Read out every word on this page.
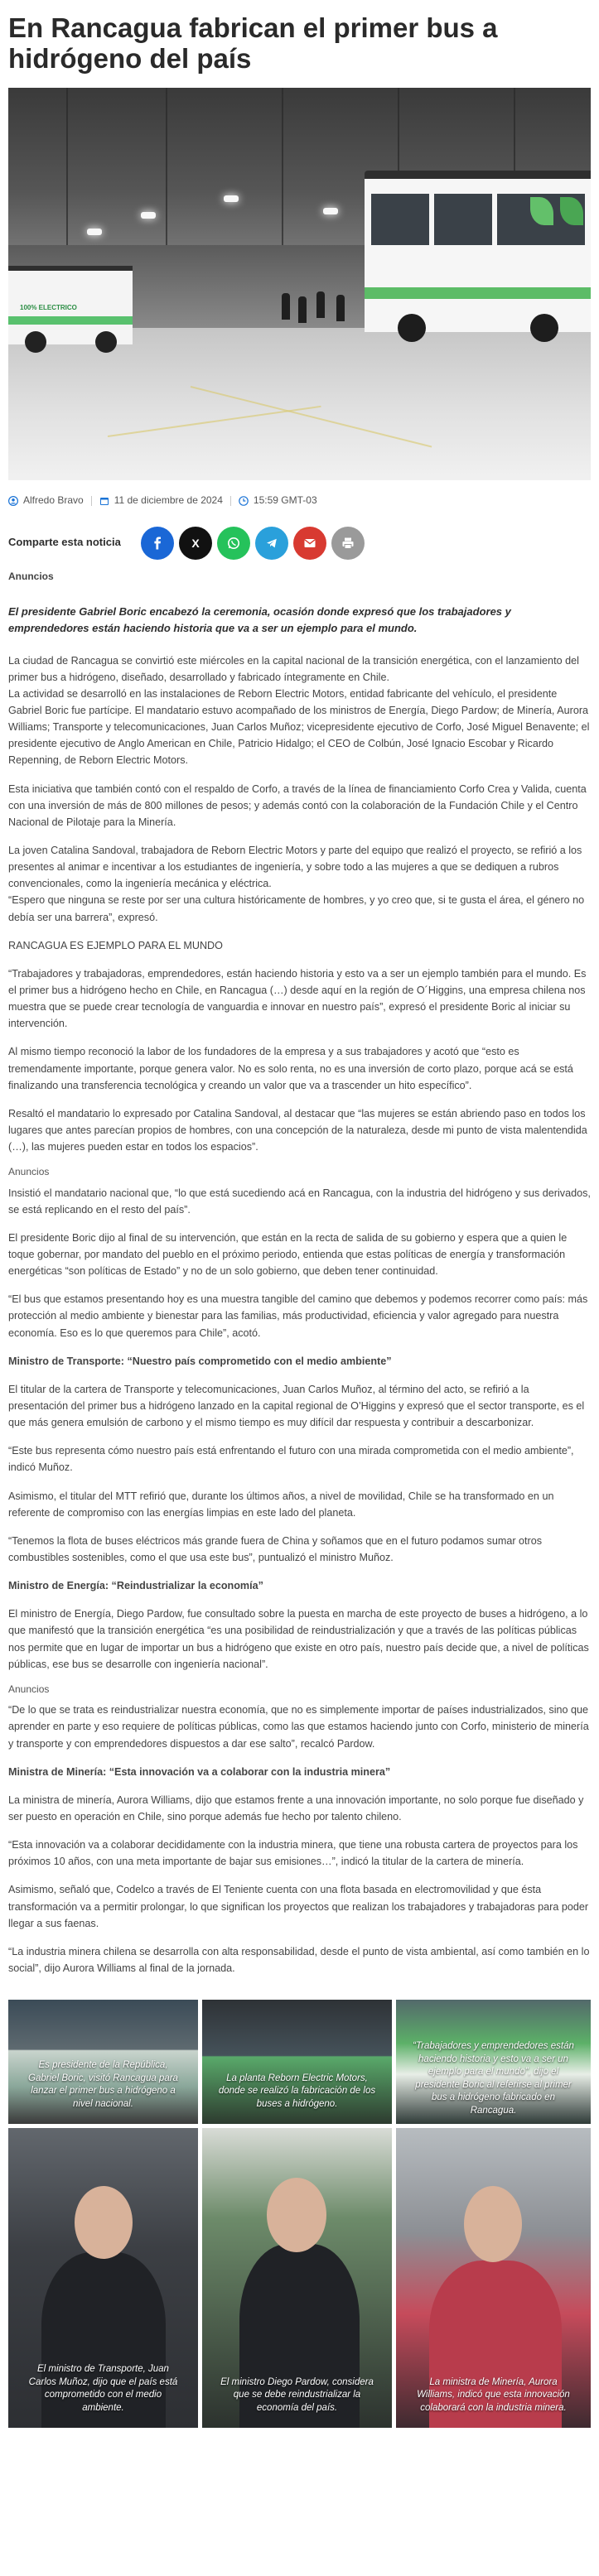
En Rancagua fabrican el primer bus a hidrógeno del país
100% ELECTRICO
Alfredo Bravo	11 de diciembre de 2024	15:59 GMT-03
Comparte esta noticia	X
Anuncios

El presidente Gabriel Boric encabezó la ceremonia, ocasión donde expresó que los trabajadores y emprendedores están haciendo historia que va a ser un ejemplo para el mundo.

La ciudad de Rancagua se convirtió este miércoles en la capital nacional de la transición energética, con el lanzamiento del primer bus a hidrógeno, diseñado, desarrollado y fabricado íntegramente en Chile.

La actividad se desarrolló en las instalaciones de Reborn Electric Motors, entidad fabricante del vehículo, el presidente Gabriel Boric fue partícipe. El mandatario estuvo acompañado de los ministros de Energía, Diego Pardow; de Minería, Aurora Williams; Transporte y telecomunicaciones, Juan Carlos Muñoz; vicepresidente ejecutivo de Corfo, José Miguel Benavente; el presidente ejecutivo de Anglo American en Chile, Patricio Hidalgo; el CEO de Colbún, José Ignacio Escobar y Ricardo Repenning, de Reborn Electric Motors.

Esta iniciativa que también contó con el respaldo de Corfo, a través de la línea de financiamiento Corfo Crea y Valida, cuenta con una inversión de más de 800 millones de pesos; y además contó con la colaboración de la Fundación Chile y el Centro Nacional de Pilotaje para la Minería.

La joven Catalina Sandoval, trabajadora de Reborn Electric Motors y parte del equipo que realizó el proyecto, se refirió a los presentes al animar e incentivar a los estudiantes de ingeniería, y sobre todo a las mujeres a que se dediquen a rubros convencionales, como la ingeniería mecánica y eléctrica.

“Espero que ninguna se reste por ser una cultura históricamente de hombres, y yo creo que, si te gusta el área, el género no debía ser una barrera”, expresó.

RANCAGUA ES EJEMPLO PARA EL MUNDO

“Trabajadores y trabajadoras, emprendedores, están haciendo historia y esto va a ser un ejemplo también para el mundo. Es el primer bus a hidrógeno hecho en Chile, en Rancagua (…) desde aquí en la región de O´Higgins, una empresa chilena nos muestra que se puede crear tecnología de vanguardia e innovar en nuestro país”, expresó el presidente Boric al iniciar su intervención.

Al mismo tiempo reconoció la labor de los fundadores de la empresa y a sus trabajadores y acotó que “esto es tremendamente importante, porque genera valor. No es solo renta, no es una inversión de corto plazo, porque acá se está finalizando una transferencia tecnológica y creando un valor que va a trascender un hito específico”.

Resaltó el mandatario lo expresado por Catalina Sandoval, al destacar que “las mujeres se están abriendo paso en todos los lugares que antes parecían propios de hombres, con una concepción de la naturaleza, desde mi punto de vista malentendida (…), las mujeres pueden estar en todos los espacios”.

Anuncios

Insistió el mandatario nacional que, “lo que está sucediendo acá en Rancagua, con la industria del hidrógeno y sus derivados, se está replicando en el resto del país”.

El presidente Boric dijo al final de su intervención, que están en la recta de salida de su gobierno y espera que a quien le toque gobernar, por mandato del pueblo en el próximo periodo, entienda que estas políticas de energía y transformación energéticas “son políticas de Estado” y no de un solo gobierno, que deben tener continuidad.

“El bus que estamos presentando hoy es una muestra tangible del camino que debemos y podemos recorrer como país: más protección al medio ambiente y bienestar para las familias, más productividad, eficiencia y valor agregado para nuestra economía. Eso es lo que queremos para Chile”, acotó.

Ministro de Transporte: “Nuestro país comprometido con el medio ambiente”

El titular de la cartera de Transporte y telecomunicaciones, Juan Carlos Muñoz, al término del acto, se refirió a la presentación del primer bus a hidrógeno lanzado en la capital regional de O’Higgins y expresó que el sector transporte, es el que más genera emulsión de carbono y el mismo tiempo es muy difícil dar respuesta y contribuir a descarbonizar.

“Este bus representa cómo nuestro país está enfrentando el futuro con una mirada comprometida con el medio ambiente”, indicó Muñoz.

Asimismo, el titular del MTT refirió que, durante los últimos años, a nivel de movilidad, Chile se ha transformado en un referente de compromiso con las energías limpias en este lado del planeta.

“Tenemos la flota de buses eléctricos más grande fuera de China y soñamos que en el futuro podamos sumar otros combustibles sostenibles, como el que usa este bus”, puntualizó el ministro Muñoz.

Ministro de Energía: “Reindustrializar la economía”

El ministro de Energía, Diego Pardow, fue consultado sobre la puesta en marcha de este proyecto de buses a hidrógeno, a lo que manifestó que la transición energética “es una posibilidad de reindustrialización y que a través de las políticas públicas nos permite que en lugar de importar un bus a hidrógeno que existe en otro país, nuestro país decide que, a nivel de políticas públicas, ese bus se desarrolle con ingeniería nacional”.

Anuncios

“De lo que se trata es reindustrializar nuestra economía, que no es simplemente importar de países industrializados, sino que aprender en parte y eso requiere de políticas públicas, como las que estamos haciendo junto con Corfo, ministerio de minería y transporte y con emprendedores dispuestos a dar ese salto”, recalcó Pardow.

Ministra de Minería: “Esta innovación va a colaborar con la industria minera”

La ministra de minería, Aurora Williams, dijo que estamos frente a una innovación importante, no solo porque fue diseñado y ser puesto en operación en Chile, sino porque además fue hecho por talento chileno.

“Esta innovación va a colaborar decididamente con la industria minera, que tiene una robusta cartera de proyectos para los próximos 10 años, con una meta importante de bajar sus emisiones…”, indicó la titular de la cartera de minería.

Asimismo, señaló que, Codelco a través de El Teniente cuenta con una flota basada en electromovilidad y que ésta transformación va a permitir prolongar, lo que significan los proyectos que realizan los trabajadores y trabajadoras para poder llegar a sus faenas.

“La industria minera chilena se desarrolla con alta responsabilidad, desde el punto de vista ambiental, así como también en lo social”, dijo Aurora Williams al final de la jornada.

Es presidente de la República, Gabriel Boric, visitó Rancagua para lanzar el primer bus a hidrógeno a nivel nacional.
La planta Reborn Electric Motors, donde se realizó la fabricación de los buses a hidrógeno.
“Trabajadores y emprendedores están haciendo historia y esto va a ser un ejemplo para el mundo”, dijo el presidente Boric al referirse al primer bus a hidrógeno fabricado en Rancagua.
El ministro de Transporte, Juan Carlos Muñoz, dijo que el país está comprometido con el medio ambiente.
El ministro Diego Pardow, considera que se debe reindustrializar la economía del país.
La ministra de Minería, Aurora Williams, indicó que esta innovación colaborará con la industria minera.
